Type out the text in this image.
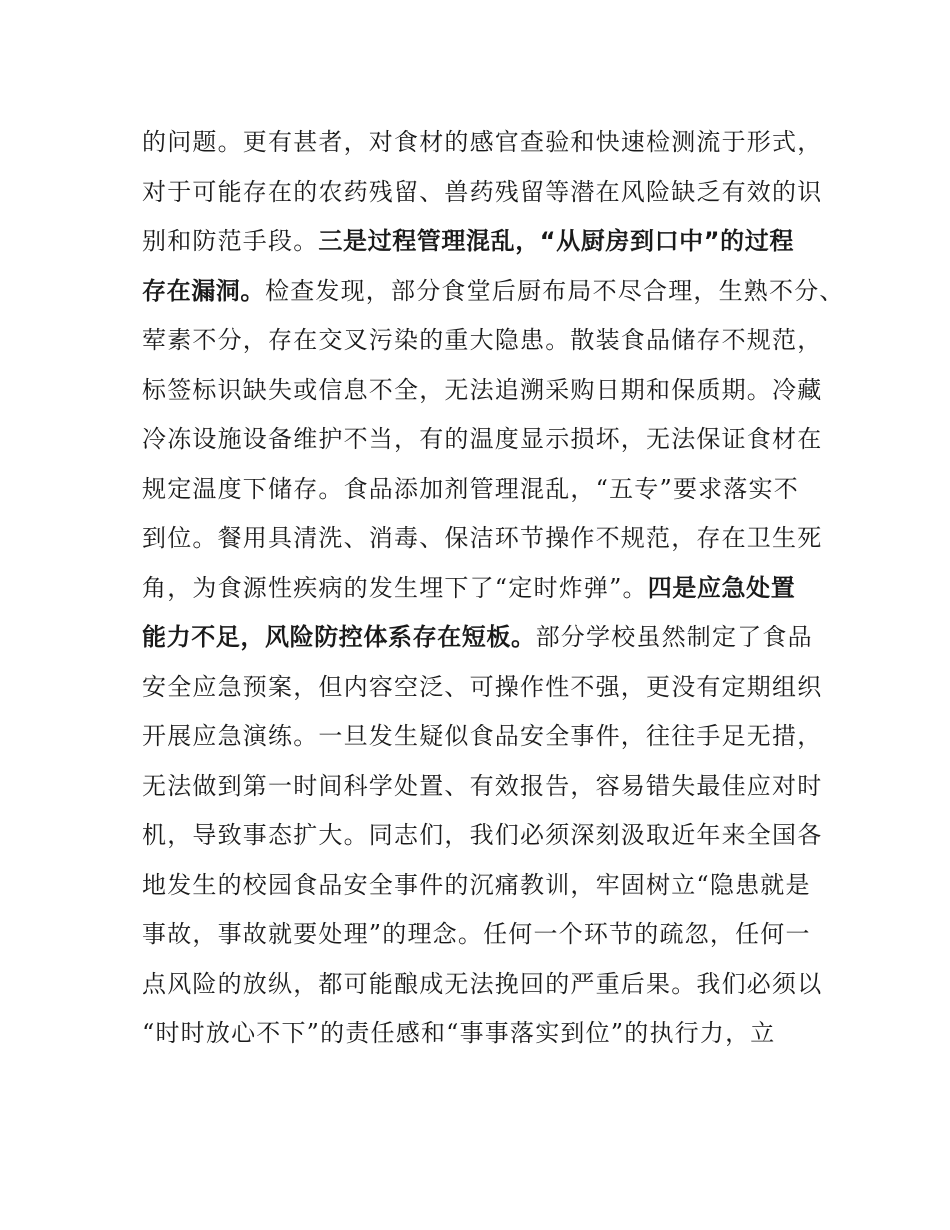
的问题。更有甚者，对食材的感官查验和快速检测流于形式，
对于可能存在的农药残留、兽药残留等潜在风险缺乏有效的识
别和防范手段。三是过程管理混乱，“从厨房到口中”的过程
存在漏洞。检查发现，部分食堂后厨布局不尽合理，生熟不分、
荤素不分，存在交叉污染的重大隐患。散装食品储存不规范，
标签标识缺失或信息不全，无法追溯采购日期和保质期。冷藏
冷冻设施设备维护不当，有的温度显示损坏，无法保证食材在
规定温度下储存。食品添加剂管理混乱，“五专”要求落实不
到位。餐用具清洗、消毒、保洁环节操作不规范，存在卫生死
角，为食源性疾病的发生埋下了“定时炸弹”。四是应急处置
能力不足，风险防控体系存在短板。部分学校虽然制定了食品
安全应急预案，但内容空泛、可操作性不强，更没有定期组织
开展应急演练。一旦发生疑似食品安全事件，往往手足无措，
无法做到第一时间科学处置、有效报告，容易错失最佳应对时
机，导致事态扩大。同志们，我们必须深刻汲取近年来全国各
地发生的校园食品安全事件的沉痛教训，牢固树立“隐患就是
事故，事故就要处理”的理念。任何一个环节的疏忽，任何一
点风险的放纵，都可能酿成无法挽回的严重后果。我们必须以
“时时放心不下”的责任感和“事事落实到位”的执行力，立
